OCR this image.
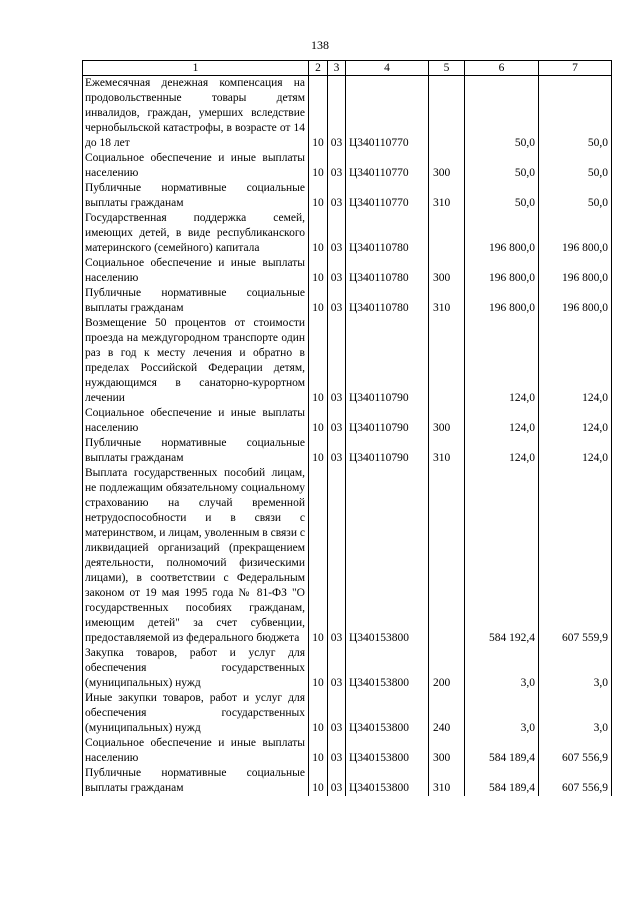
138
1	2	3	4	5	6	7
Ежемесячная денежная компенсация на продовольственные товары детям инвалидов, граждан, умерших вследствие чернобыльской катастрофы, в возрасте от 14 до 18 лет	10	03	Ц340110770		50,0	50,0
Социальное обеспечение и иные выплаты населению	10	03	Ц340110770	300	50,0	50,0
Публичные нормативные социальные выплаты гражданам	10	03	Ц340110770	310	50,0	50,0
Государственная поддержка семей, имеющих детей, в виде республиканского материнского (семейного) капитала	10	03	Ц340110780		196 800,0	196 800,0
Социальное обеспечение и иные выплаты населению	10	03	Ц340110780	300	196 800,0	196 800,0
Публичные нормативные социальные выплаты гражданам	10	03	Ц340110780	310	196 800,0	196 800,0
Возмещение 50 процентов от стоимости проезда на междугородном транспорте один раз в год к месту лечения и обратно в пределах Российской Федерации детям, нуждающимся в санаторно-курортном лечении	10	03	Ц340110790		124,0	124,0
Социальное обеспечение и иные выплаты населению	10	03	Ц340110790	300	124,0	124,0
Публичные нормативные социальные выплаты гражданам	10	03	Ц340110790	310	124,0	124,0
Выплата государственных пособий лицам, не подлежащим обязательному социальному страхованию на случай временной нетрудоспособности и в связи с материнством, и лицам, уволенным в связи с ликвидацией организаций (прекращением деятельности, полномочий физическими лицами), в соответствии с Федеральным законом от 19 мая 1995 года № 81-ФЗ "О государственных пособиях гражданам, имеющим детей" за счет субвенции, предоставляемой из федерального бюджета	10	03	Ц340153800		584 192,4	607 559,9
Закупка товаров, работ и услуг для обеспечения государственных (муниципальных) нужд	10	03	Ц340153800	200	3,0	3,0
Иные закупки товаров, работ и услуг для обеспечения государственных (муниципальных) нужд	10	03	Ц340153800	240	3,0	3,0
Социальное обеспечение и иные выплаты населению	10	03	Ц340153800	300	584 189,4	607 556,9
Публичные нормативные социальные выплаты гражданам	10	03	Ц340153800	310	584 189,4	607 556,9
